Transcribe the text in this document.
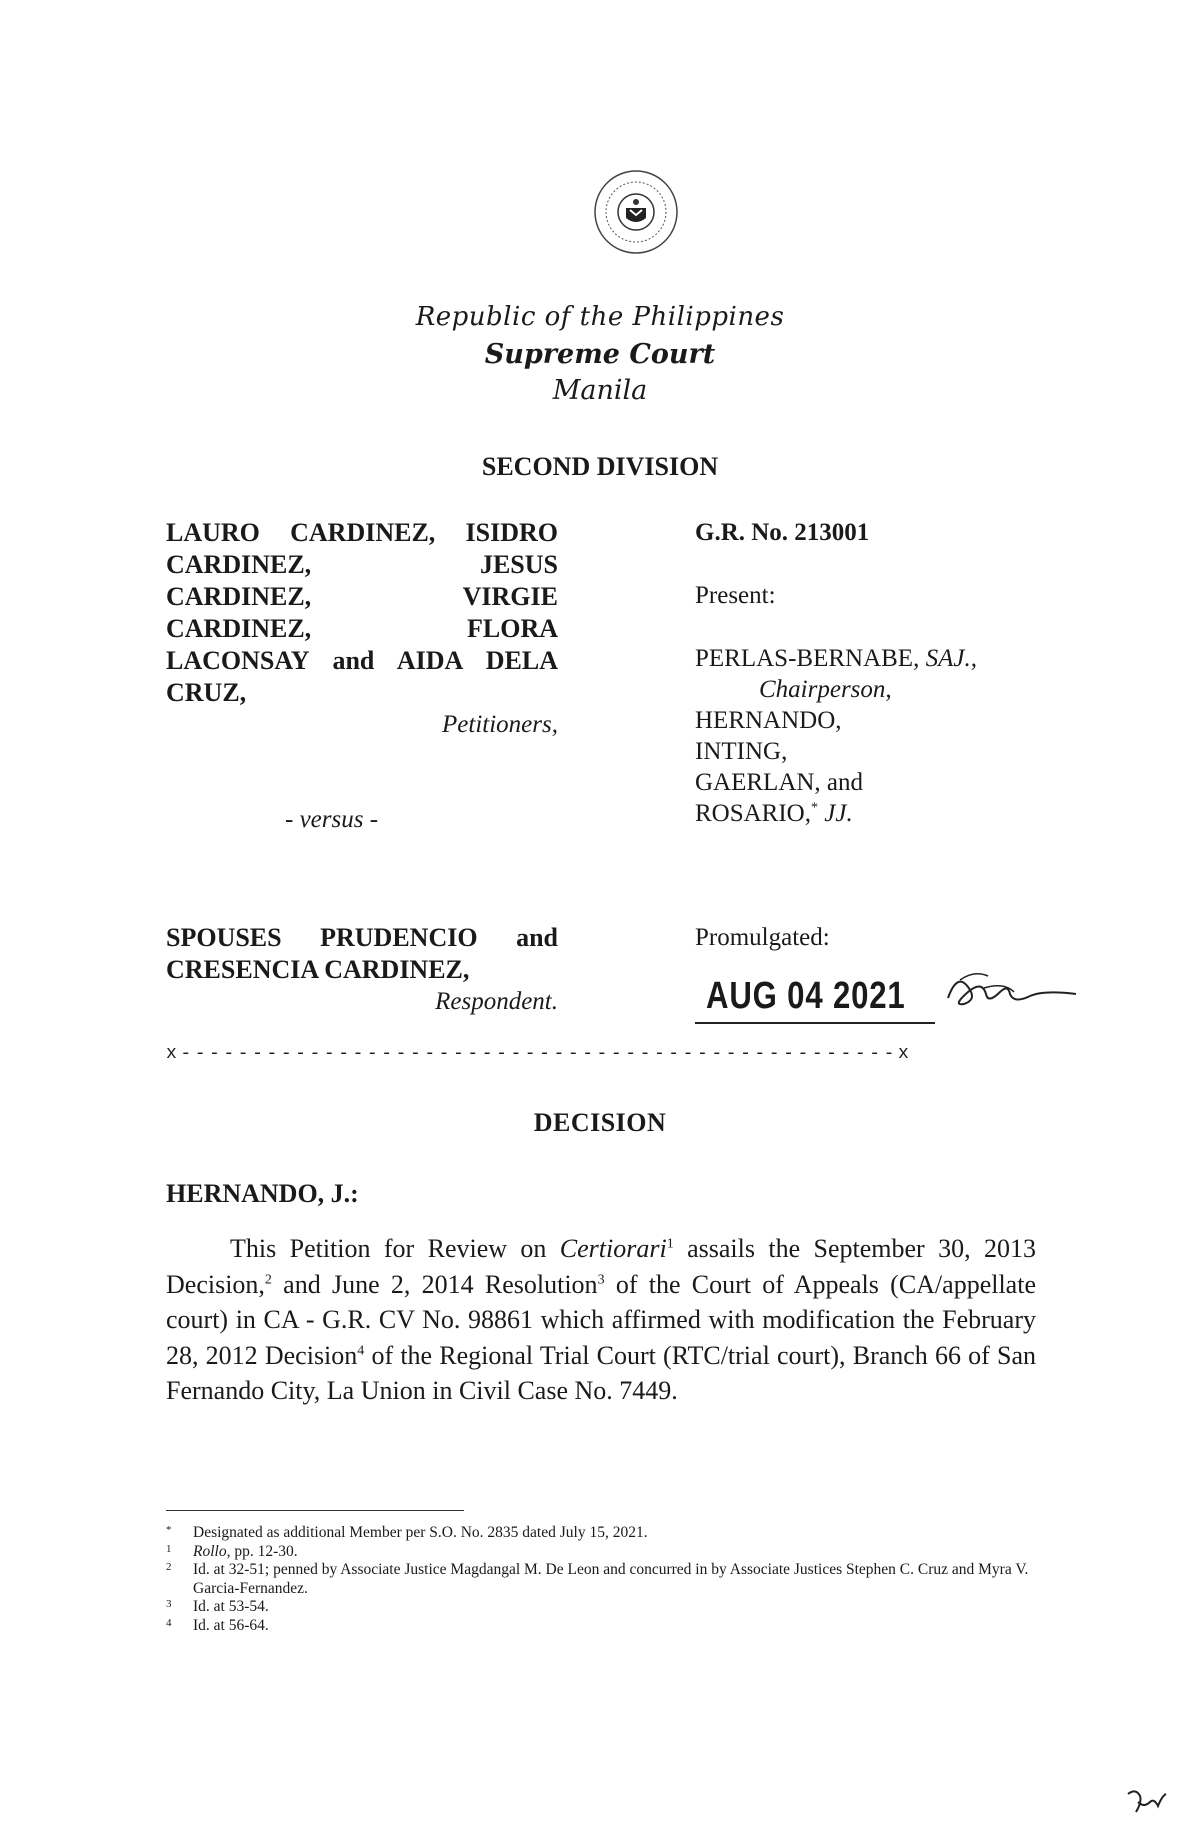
Republic of the Philippines
Supreme Court
Manila
SECOND DIVISION
LAURO CARDINEZ, ISIDRO
CARDINEZ, JESUS
CARDINEZ, VIRGIE
CARDINEZ, FLORA
LACONSAY and AIDA DELA
CRUZ,
Petitioners,
- versus -
SPOUSES PRUDENCIO and
CRESENCIA CARDINEZ,
Respondent.
G.R. No. 213001
Present:
PERLAS-BERNABE, SAJ.,
Chairperson,
HERNANDO,
INTING,
GAERLAN, and
ROSARIO,* JJ.
Promulgated:
AUG 04 2021
x--------------------------------------------------x
DECISION
HERNANDO, J.:
This Petition for Review on Certiorari$^1$ assails the September 30, 2013 Decision,$^2$ and June 2, 2014 Resolution$^3$ of the Court of Appeals (CA/appellate court) in CA - G.R. CV No. 98861 which affirmed with modification the February 28, 2012 Decision$^4$ of the Regional Trial Court (RTC/trial court), Branch 66 of San Fernando City, La Union in Civil Case No. 7449.
* Designated as additional Member per S.O. No. 2835 dated July 15, 2021.
1 Rollo, pp. 12-30.
2 Id. at 32-51; penned by Associate Justice Magdangal M. De Leon and concurred in by Associate Justices Stephen C. Cruz and Myra V. Garcia-Fernandez.
3 Id. at 53-54.
4 Id. at 56-64.
